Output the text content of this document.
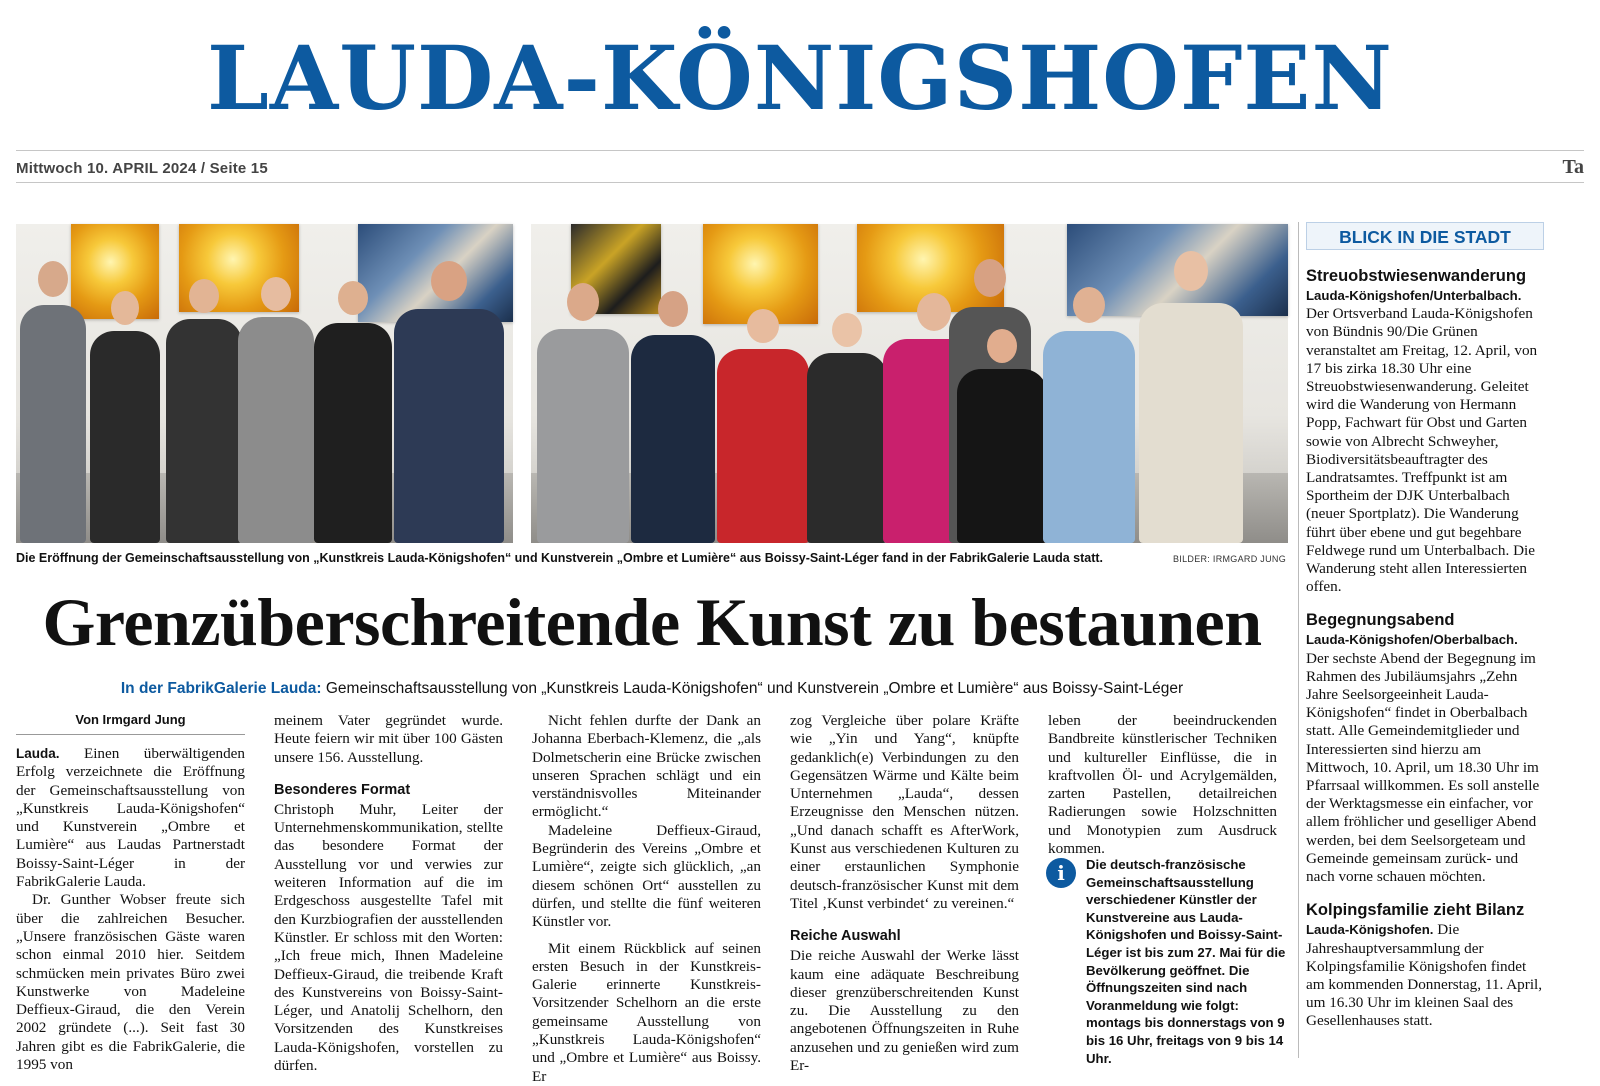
LAUDA-KÖNIGSHOFEN
Mittwoch 10. APRIL 2024 / Seite 15	Ta
Die Eröffnung der Gemeinschaftsausstellung von „Kunstkreis Lauda-Königshofen“ und Kunstverein „Ombre et Lumière“ aus Boissy-Saint-Léger fand in der FabrikGalerie Lauda statt.	BILDER: IRMGARD JUNG
Grenzüberschreitende Kunst zu bestaunen
In der FabrikGalerie Lauda: Gemeinschaftsausstellung von „Kunstkreis Lauda-Königshofen“ und Kunstverein „Ombre et Lumière“ aus Boissy-Saint-Léger
Von Irmgard Jung

Lauda. Einen überwältigenden Erfolg verzeichnete die Eröffnung der Gemeinschaftsausstellung von „Kunstkreis Lauda-Königshofen“ und Kunstverein „Ombre et Lumière“ aus Laudas Partnerstadt Boissy-Saint-Léger in der FabrikGalerie Lauda.

Dr. Gunther Wobser freute sich über die zahlreichen Besucher. „Unsere französischen Gäste waren schon einmal 2010 hier. Seitdem schmücken mein privates Büro zwei Kunstwerke von Madeleine Deffieux-Giraud, die den Verein 2002 gründete (...). Seit fast 30 Jahren gibt es die FabrikGalerie, die 1995 von

meinem Vater gegründet wurde. Heute feiern wir mit über 100 Gästen unsere 156. Ausstellung.

Besonderes Format

Christoph Muhr, Leiter der Unternehmenskommunikation, stellte das besondere Format der Ausstellung vor und verwies zur weiteren Information auf die im Erdgeschoss ausgestellte Tafel mit den Kurzbiografien der ausstellenden Künstler. Er schloss mit den Worten: „Ich freue mich, Ihnen Madeleine Deffieux-Giraud, die treibende Kraft des Kunstvereins von Boissy-Saint-Léger, und Anatolij Schelhorn, den Vorsitzenden des Kunstkreises Lauda-Königshofen, vorstellen zu dürfen.

Nicht fehlen durfte der Dank an Johanna Eberbach-Klemenz, die „als Dolmetscherin eine Brücke zwischen unseren Sprachen schlägt und ein verständnisvolles Miteinander ermöglicht.“

Madeleine Deffieux-Giraud, Begründerin des Vereins „Ombre et Lumière“, zeigte sich glücklich, „an diesem schönen Ort“ ausstellen zu dürfen, und stellte die fünf weiteren Künstler vor.

Mit einem Rückblick auf seinen ersten Besuch in der Kunstkreis-Galerie erinnerte Kunstkreis-Vorsitzender Schelhorn an die erste gemeinsame Ausstellung von „Kunstkreis Lauda-Königshofen“ und „Ombre et Lumière“ aus Boissy. Er

zog Vergleiche über polare Kräfte wie „Yin und Yang“, knüpfte gedanklich(e) Verbindungen zu den Gegensätzen Wärme und Kälte beim Unternehmen „Lauda“, dessen Erzeugnisse den Menschen nützen. „Und danach schafft es AfterWork, Kunst aus verschiedenen Kulturen zu einer erstaunlichen Symphonie deutsch-französischer Kunst mit dem Titel ‚Kunst verbindet‘ zu vereinen.“

Reiche Auswahl

Die reiche Auswahl der Werke lässt kaum eine adäquate Beschreibung dieser grenzüberschreitenden Kunst zu. Die Ausstellung zu den angebotenen Öffnungszeiten in Ruhe anzusehen und zu genießen wird zum Er-

leben der beeindruckenden Bandbreite künstlerischer Techniken und kultureller Einflüsse, die in kraftvollen Öl- und Acrylgemälden, zarten Pastellen, detailreichen Radierungen sowie Holzschnitten und Monotypien zum Ausdruck kommen.

i	Die deutsch-französische Gemeinschaftsausstellung verschiedener Künstler der Kunstvereine aus Lauda-Königshofen und Boissy-Saint-Léger ist bis zum 27. Mai für die Bevölkerung geöffnet. Die Öffnungszeiten sind nach Voranmeldung wie folgt: montags bis donnerstags von 9 bis 16 Uhr, freitags von 9 bis 14 Uhr.
BLICK IN DIE STADT
Streuobstwiesenwanderung
Lauda-Königshofen/Unterbalbach. Der Ortsverband Lauda-Königshofen von Bündnis 90/Die Grünen veranstaltet am Freitag, 12. April, von 17 bis zirka 18.30 Uhr eine Streuobstwiesenwanderung. Geleitet wird die Wanderung von Hermann Popp, Fachwart für Obst und Garten sowie von Albrecht Schweyher, Biodiversitätsbeauftragter des Landratsamtes. Treffpunkt ist am Sportheim der DJK Unterbalbach (neuer Sportplatz). Die Wanderung führt über ebene und gut begehbare Feldwege rund um Unterbalbach. Die Wanderung steht allen Interessierten offen.
Begegnungsabend
Lauda-Königshofen/Oberbalbach. Der sechste Abend der Begegnung im Rahmen des Jubiläumsjahrs „Zehn Jahre Seelsorgeeinheit Lauda-Königshofen“ findet in Oberbalbach statt. Alle Gemeindemitglieder und Interessierten sind hierzu am Mittwoch, 10. April, um 18.30 Uhr im Pfarrsaal willkommen. Es soll anstelle der Werktagsmesse ein einfacher, vor allem fröhlicher und geselliger Abend werden, bei dem Seelsorgeteam und Gemeinde gemeinsam zurück- und nach vorne schauen möchten.
Kolpingsfamilie zieht Bilanz
Lauda-Königshofen. Die Jahreshauptversammlung der Kolpingsfamilie Königshofen findet am kommenden Donnerstag, 11. April, um 16.30 Uhr im kleinen Saal des Gesellenhauses statt.
